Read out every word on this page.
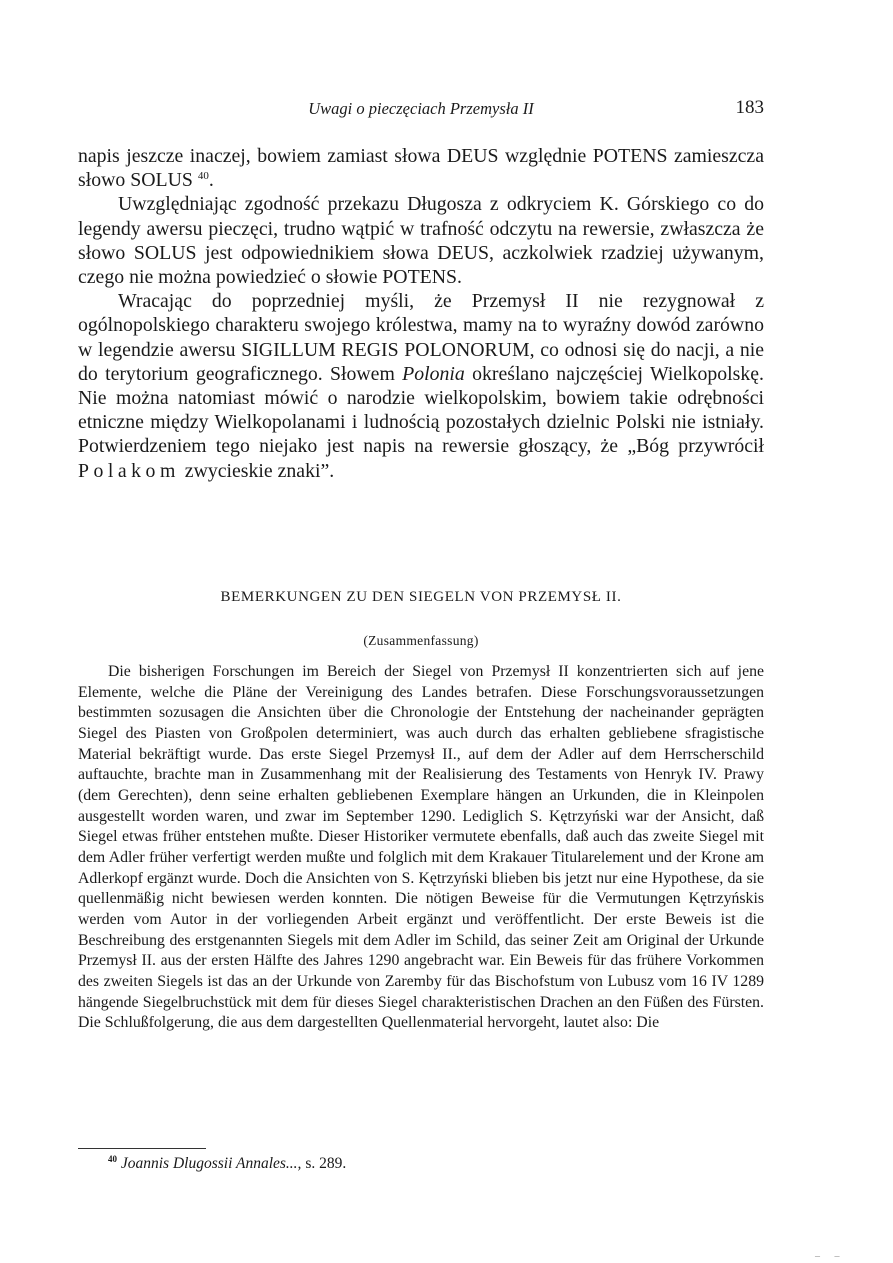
Uwagi o pieczęciach Przemysła II	183

napis jeszcze inaczej, bowiem zamiast słowa DEUS względnie POTENS zamieszcza słowo SOLUS $^{40}$.

Uwzględniając zgodność przekazu Długosza z odkryciem K. Górskiego co do legendy awersu pieczęci, trudno wątpić w trafność odczytu na rewersie, zwłaszcza że słowo SOLUS jest odpowiednikiem słowa DEUS, aczkolwiek rzadziej używanym, czego nie można powiedzieć o słowie POTENS.

Wracając do poprzedniej myśli, że Przemysł II nie rezygnował z ogólnopolskiego charakteru swojego królestwa, mamy na to wyraźny dowód zarówno w legendzie awersu SIGILLUM REGIS POLONORUM, co odnosi się do nacji, a nie do terytorium geograficznego. Słowem Polonia określano najczęściej Wielkopolskę. Nie można natomiast mówić o narodzie wielkopolskim, bowiem takie odrębności etniczne między Wielkopolanami i ludnością pozostałych dzielnic Polski nie istniały. Potwierdzeniem tego niejako jest napis na rewersie głoszący, że „Bóg przywrócił Polakom zwycieskie znaki”.

BEMERKUNGEN ZU DEN SIEGELN VON PRZEMYSŁ II.
(Zusammenfassung)

Die bisherigen Forschungen im Bereich der Siegel von Przemysł II konzentrierten sich auf jene Elemente, welche die Pläne der Vereinigung des Landes betrafen. Diese Forschungsvoraussetzungen bestimmten sozusagen die Ansichten über die Chronologie der Entstehung der nacheinander geprägten Siegel des Piasten von Großpolen determiniert, was auch durch das erhalten gebliebene sfragistische Material bekräftigt wurde. Das erste Siegel Przemysł II., auf dem der Adler auf dem Herrscherschild auftauchte, brachte man in Zusammenhang mit der Realisierung des Testaments von Henryk IV. Prawy (dem Gerechten), denn seine erhalten gebliebenen Exemplare hängen an Urkunden, die in Kleinpolen ausgestellt worden waren, und zwar im September 1290. Lediglich S. Kętrzyński war der Ansicht, daß Siegel etwas früher entstehen mußte. Dieser Historiker vermutete ebenfalls, daß auch das zweite Siegel mit dem Adler früher verfertigt werden mußte und folglich mit dem Krakauer Titularelement und der Krone am Adlerkopf ergänzt wurde. Doch die Ansichten von S. Kętrzyński blieben bis jetzt nur eine Hypothese, da sie quellenmäßig nicht bewiesen werden konnten. Die nötigen Beweise für die Vermutungen Kętrzyńskis werden vom Autor in der vorliegenden Arbeit ergänzt und veröffentlicht. Der erste Beweis ist die Beschreibung des erstgenannten Siegels mit dem Adler im Schild, das seiner Zeit am Original der Urkunde Przemysł II. aus der ersten Hälfte des Jahres 1290 angebracht war. Ein Beweis für das frühere Vorkommen des zweiten Siegels ist das an der Urkunde von Zaremby für das Bischofstum von Lubusz vom 16 IV 1289 hängende Siegelbruchstück mit dem für dieses Siegel charakteristischen Drachen an den Füßen des Fürsten. Die Schlußfolgerung, die aus dem dargestellten Quellenmaterial hervorgeht, lautet also: Die

$^{40}$ Joannis Dlugossii Annales..., s. 289.
– –
